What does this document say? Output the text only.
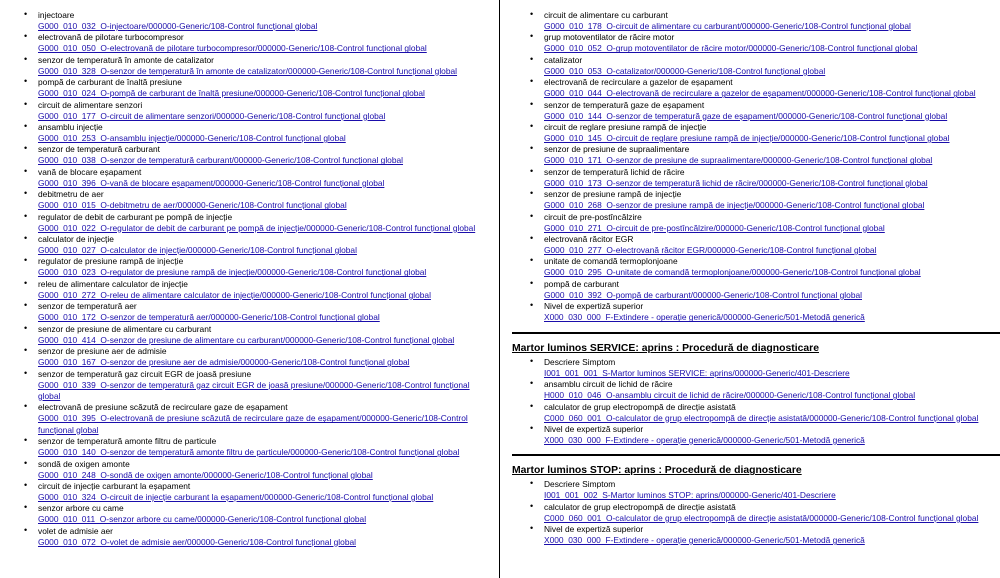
• injectoare
G000_010_032_O-injectoare/000000-Generic/108-Control funcțional global
• electrovană de pilotare turbocompresor
G000_010_050_O-electrovană de pilotare turbocompresor/000000-Generic/108-Control funcțional global
• senzor de temperatură în amonte de catalizator
G000_010_328_O-senzor de temperatură în amonte de catalizator/000000-Generic/108-Control funcțional global
• pompă de carburant de înaltă presiune
G000_010_024_O-pompă de carburant de înaltă presiune/000000-Generic/108-Control funcțional global
• circuit de alimentare senzori
G000_010_177_O-circuit de alimentare senzori/000000-Generic/108-Control funcțional global
• ansamblu injecție
G000_010_253_O-ansamblu injecție/000000-Generic/108-Control funcțional global
• senzor de temperatură carburant
G000_010_038_O-senzor de temperatură carburant/000000-Generic/108-Control funcțional global
• vană de blocare eșapament
G000_010_396_O-vană de blocare eșapament/000000-Generic/108-Control funcțional global
• debitmetru de aer
G000_010_015_O-debitmetru de aer/000000-Generic/108-Control funcțional global
• regulator de debit de carburant pe pompă de injecție
G000_010_022_O-regulator de debit de carburant pe pompă de injecție/000000-Generic/108-Control funcțional global
• calculator de injecție
G000_010_027_O-calculator de injecție/000000-Generic/108-Control funcțional global
• regulator de presiune rampă de injecție
G000_010_023_O-regulator de presiune rampă de injecție/000000-Generic/108-Control funcțional global
• releu de alimentare calculator de injecție
G000_010_272_O-releu de alimentare calculator de injecție/000000-Generic/108-Control funcțional global
• senzor de temperatură aer
G000_010_172_O-senzor de temperatură aer/000000-Generic/108-Control funcțional global
• senzor de presiune de alimentare cu carburant
G000_010_414_O-senzor de presiune de alimentare cu carburant/000000-Generic/108-Control funcțional global
• senzor de presiune aer de admisie
G000_010_167_O-senzor de presiune aer de admisie/000000-Generic/108-Control funcțional global
• senzor de temperatură gaz circuit EGR de joasă presiune
G000_010_339_O-senzor de temperatură gaz circuit EGR de joasă presiune/000000-Generic/108-Control funcțional global
• electrovană de presiune scăzută de recirculare gaze de eșapament
G000_010_395_O-electrovană de presiune scăzută de recirculare gaze de eșapament/000000-Generic/108-Control funcțional global
• senzor de temperatură amonte filtru de particule
G000_010_140_O-senzor de temperatură amonte filtru de particule/000000-Generic/108-Control funcțional global
• sondă de oxigen amonte
G000_010_248_O-sondă de oxigen amonte/000000-Generic/108-Control funcțional global
• circuit de injecție carburant la eșapament
G000_010_324_O-circuit de injecție carburant la eșapament/000000-Generic/108-Control funcțional global
• senzor arbore cu came
G000_010_011_O-senzor arbore cu came/000000-Generic/108-Control funcțional global
• volet de admisie aer
G000_010_072_O-volet de admisie aer/000000-Generic/108-Control funcțional global
• circuit de alimentare cu carburant
G000_010_178_O-circuit de alimentare cu carburant/000000-Generic/108-Control funcțional global
• grup motoventilator de răcire motor
G000_010_052_O-grup motoventilator de răcire motor/000000-Generic/108-Control funcțional global
• catalizator
G000_010_053_O-catalizator/000000-Generic/108-Control funcțional global
• electrovană de recirculare a gazelor de eșapament
G000_010_044_O-electrovană de recirculare a gazelor de eșapament/000000-Generic/108-Control funcțional global
• senzor de temperatură gaze de eșapament
G000_010_144_O-senzor de temperatură gaze de eșapament/000000-Generic/108-Control funcțional global
• circuit de reglare presiune rampă de injecție
G000_010_145_O-circuit de reglare presiune rampă de injecție/000000-Generic/108-Control funcțional global
• senzor de presiune de supraalimentare
G000_010_171_O-senzor de presiune de supraalimentare/000000-Generic/108-Control funcțional global
• senzor de temperatură lichid de răcire
G000_010_173_O-senzor de temperatură lichid de răcire/000000-Generic/108-Control funcțional global
• senzor de presiune rampă de injecție
G000_010_268_O-senzor de presiune rampă de injecție/000000-Generic/108-Control funcțional global
• circuit de pre-postîncălzire
G000_010_271_O-circuit de pre-postîncălzire/000000-Generic/108-Control funcțional global
• electrovană răcitor EGR
G000_010_277_O-electrovană răcitor EGR/000000-Generic/108-Control funcțional global
• unitate de comandă termoplonjoane
G000_010_295_O-unitate de comandă termoplonjoane/000000-Generic/108-Control funcțional global
• pompă de carburant
G000_010_392_O-pompă de carburant/000000-Generic/108-Control funcțional global
• Nivel de expertiză superior
X000_030_000_F-Extindere - operație generică/000000-Generic/501-Metodă generică
Martor luminos SERVICE: aprins : Procedură de diagnosticare
• Descriere Simptom
I001_001_001_S-Martor luminos SERVICE: aprins/000000-Generic/401-Descriere
• ansamblu circuit de lichid de răcire
H000_010_046_O-ansamblu circuit de lichid de răcire/000000-Generic/108-Control funcțional global
• calculator de grup electropompă de direcție asistată
C000_060_001_O-calculator de grup electropompă de direcție asistată/000000-Generic/108-Control funcțional global
• Nivel de expertiză superior
X000_030_000_F-Extindere - operație generică/000000-Generic/501-Metodă generică
Martor luminos STOP: aprins : Procedură de diagnosticare
• Descriere Simptom
I001_001_002_S-Martor luminos STOP: aprins/000000-Generic/401-Descriere
• calculator de grup electropompă de direcție asistată
C000_060_001_O-calculator de grup electropompă de direcție asistată/000000-Generic/108-Control funcțional global
• Nivel de expertiză superior
X000_030_000_F-Extindere - operație generică/000000-Generic/501-Metodă generică
